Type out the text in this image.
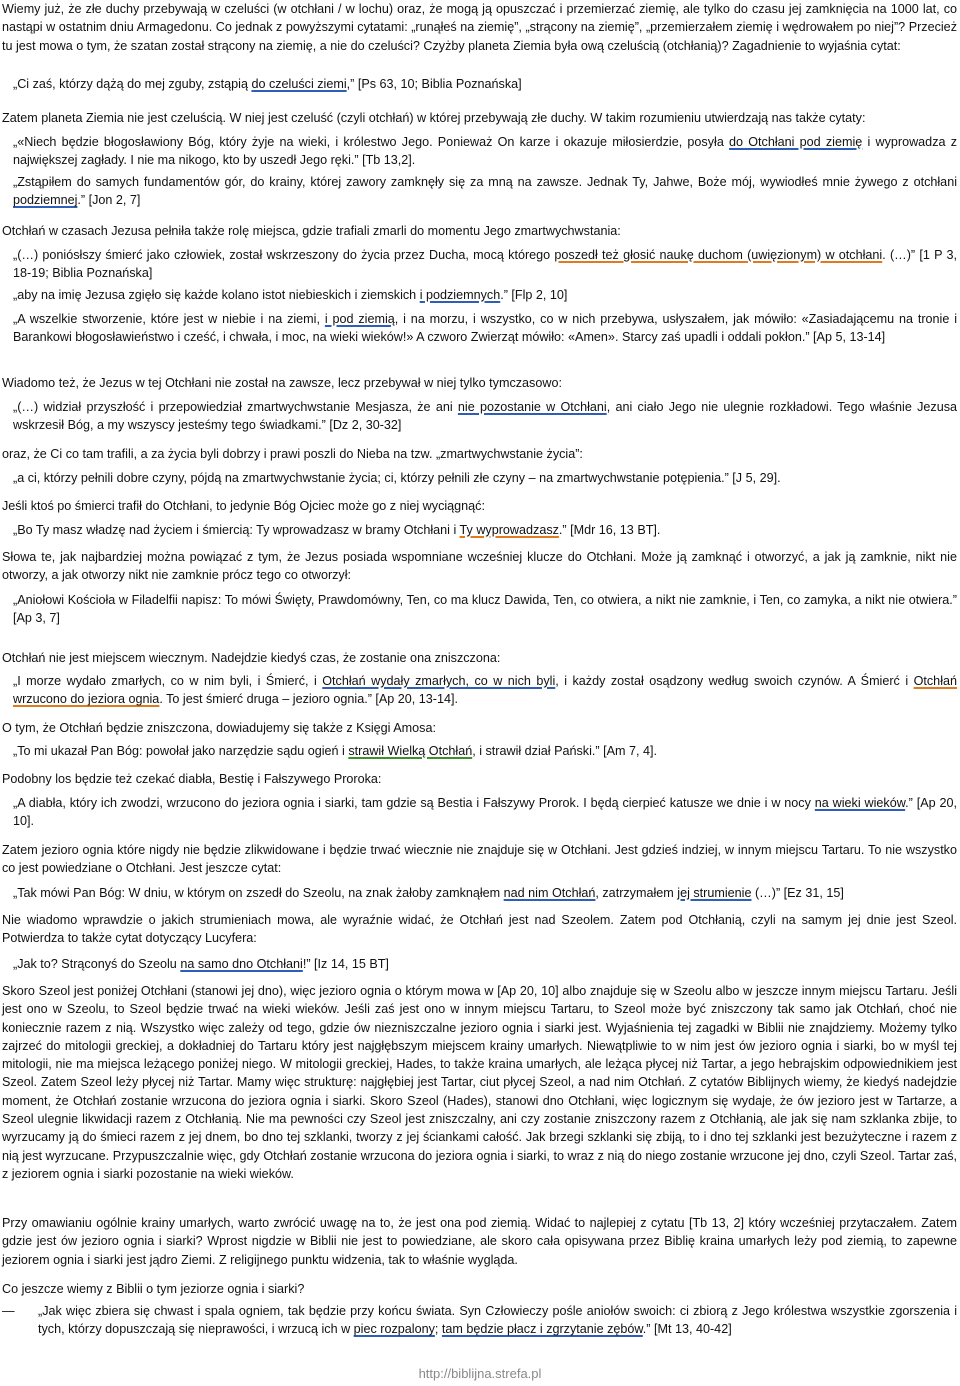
Wiemy już, że złe duchy przebywają w czeluści (w otchłani / w lochu) oraz, że mogą ją opuszczać i przemierzać ziemię, ale tylko do czasu jej zamknięcia na 1000 lat, co nastąpi w ostatnim dniu Armagedonu. Co jednak z powyższymi cytatami: „runąłeś na ziemię”, „strącony na ziemię”, „przemierzałem ziemię i wędrowałem po niej”? Przecież tu jest mowa o tym, że szatan został strącony na ziemię, a nie do czeluści? Czyżby planeta Ziemia była ową czeluścią (otchłanią)? Zagadnienie to wyjaśnia cytat:
„Ci zaś, którzy dążą do mej zguby, zstąpią do czeluści ziemi,” [Ps 63, 10; Biblia Poznańska]
Zatem planeta Ziemia nie jest czeluścią. W niej jest czeluść (czyli otchłań) w której przebywają złe duchy. W takim rozumieniu utwierdzają nas także cytaty:
„«Niech będzie błogosławiony Bóg, który żyje na wieki, i królestwo Jego. Ponieważ On karze i okazuje miłosierdzie, posyła do Otchłani pod ziemię i wyprowadza z największej zagłady. I nie ma nikogo, kto by uszedł Jego ręki.” [Tb 13,2].
„Zstąpiłem do samych fundamentów gór, do krainy, której zawory zamknęły się za mną na zawsze. Jednak Ty, Jahwe, Boże mój, wywiodłeś mnie żywego z otchłani podziemnej.” [Jon 2, 7]
Otchłań w czasach Jezusa pełniła także rolę miejsca, gdzie trafiali zmarli do momentu Jego zmartwychwstania:
„(…) poniósłszy śmierć jako człowiek, został wskrzeszony do życia przez Ducha, mocą którego poszedł też głosić naukę duchom (uwięzionym) w otchłani. (…)” [1 P 3, 18-19; Biblia Poznańska]
„aby na imię Jezusa zgięło się każde kolano istot niebieskich i ziemskich i podziemnych.” [Flp 2, 10]
„A wszelkie stworzenie, które jest w niebie i na ziemi, i pod ziemią, i na morzu, i wszystko, co w nich przebywa, usłyszałem, jak mówiło: «Zasiadającemu na tronie i Barankowi błogosławieństwo i cześć, i chwała, i moc, na wieki wieków!» A czworo Zwierząt mówiło: «Amen». Starcy zaś upadli i oddali pokłon.” [Ap 5, 13-14]
Wiadomo też, że Jezus w tej Otchłani nie został na zawsze, lecz przebywał w niej tylko tymczasowo:
„(…) widział przyszłość i przepowiedział zmartwychwstanie Mesjasza, że ani nie pozostanie w Otchłani, ani ciało Jego nie ulegnie rozkładowi. Tego właśnie Jezusa wskrzesił Bóg, a my wszyscy jesteśmy tego świadkami.” [Dz 2, 30-32]
oraz, że Ci co tam trafili, a za życia byli dobrzy i prawi poszli do Nieba na tzw. „zmartwychwstanie życia”:
„a ci, którzy pełnili dobre czyny, pójdą na zmartwychwstanie życia; ci, którzy pełnili złe czyny – na zmartwychwstanie potępienia.” [J 5, 29].
Jeśli ktoś po śmierci trafił do Otchłani, to jedynie Bóg Ojciec może go z niej wyciągnąć:
„Bo Ty masz władzę nad życiem i śmiercią: Ty wprowadzasz w bramy Otchłani i Ty wyprowadzasz.” [Mdr 16, 13 BT].
Słowa te, jak najbardziej można powiązać z tym, że Jezus posiada wspomniane wcześniej klucze do Otchłani. Może ją zamknąć i otworzyć, a jak ją zamknie, nikt nie otworzy, a jak otworzy nikt nie zamknie prócz tego co otworzył:
„Aniołowi Kościoła w Filadelfii napisz: To mówi Święty, Prawdomówny, Ten, co ma klucz Dawida, Ten, co otwiera, a nikt nie zamknie, i Ten, co zamyka, a nikt nie otwiera.” [Ap 3, 7]
Otchłań nie jest miejscem wiecznym. Nadejdzie kiedyś czas, że zostanie ona zniszczona:
„I morze wydało zmarłych, co w nim byli, i Śmierć, i Otchłań wydały zmarłych, co w nich byli, i każdy został osądzony według swoich czynów. A Śmierć i Otchłań wrzucono do jeziora ognia. To jest śmierć druga – jezioro ognia.” [Ap 20, 13-14].
O tym, że Otchłań będzie zniszczona, dowiadujemy się także z Księgi Amosa:
„To mi ukazał Pan Bóg: powołał jako narzędzie sądu ogień i strawił Wielką Otchłań, i strawił dział Pański.” [Am 7, 4].
Podobny los będzie też czekać diabła, Bestię i Fałszywego Proroka:
„A diabła, który ich zwodzi, wrzucono do jeziora ognia i siarki, tam gdzie są Bestia i Fałszywy Prorok. I będą cierpieć katusze we dnie i w nocy na wieki wieków.” [Ap 20, 10].
Zatem jezioro ognia które nigdy nie będzie zlikwidowane i będzie trwać wiecznie nie znajduje się w Otchłani. Jest gdzieś indziej, w innym miejscu Tartaru. To nie wszystko co jest powiedziane o Otchłani. Jest jeszcze cytat:
„Tak mówi Pan Bóg: W dniu, w którym on zszedł do Szeolu, na znak żałoby zamknąłem nad nim Otchłań, zatrzymałem jej strumienie (…)” [Ez 31, 15]
Nie wiadomo wprawdzie o jakich strumieniach mowa, ale wyraźnie widać, że Otchłań jest nad Szeolem. Zatem pod Otchłanią, czyli na samym jej dnie jest Szeol. Potwierdza to także cytat dotyczący Lucyfera:
„Jak to? Strąconyś do Szeolu na samo dno Otchłani!” [Iz 14, 15 BT]
Skoro Szeol jest poniżej Otchłani (stanowi jej dno), więc jezioro ognia o którym mowa w [Ap 20, 10] albo znajduje się w Szeolu albo w jeszcze innym miejscu Tartaru. Jeśli jest ono w Szeolu, to Szeol będzie trwać na wieki wieków. Jeśli zaś jest ono w innym miejscu Tartaru, to Szeol może być zniszczony tak samo jak Otchłań, choć nie koniecznie razem z nią. Wszystko więc zależy od tego, gdzie ów niezniszczalne jezioro ognia i siarki jest. Wyjaśnienia tej zagadki w Biblii nie znajdziemy. Możemy tylko zajrzeć do mitologii greckiej, a dokładniej do Tartaru który jest najgłębszym miejscem krainy umarłych. Niewątpliwie to w nim jest ów jezioro ognia i siarki, bo w myśl tej mitologii, nie ma miejsca leżącego poniżej niego. W mitologii greckiej, Hades, to także kraina umarłych, ale leżąca płycej niż Tartar, a jego hebrajskim odpowiednikiem jest Szeol. Zatem Szeol leży płycej niż Tartar. Mamy więc strukturę: najgłębiej jest Tartar, ciut płycej Szeol, a nad nim Otchłań. Z cytatów Biblijnych wiemy, że kiedyś nadejdzie moment, że Otchłań zostanie wrzucona do jeziora ognia i siarki. Skoro Szeol (Hades), stanowi dno Otchłani, więc logicznym się wydaje, że ów jezioro jest w Tartarze, a Szeol ulegnie likwidacji razem z Otchłanią. Nie ma pewności czy Szeol jest zniszczalny, ani czy zostanie zniszczony razem z Otchłanią, ale jak się nam szklanka zbije, to wyrzucamy ją do śmieci razem z jej dnem, bo dno tej szklanki, tworzy z jej ściankami całość. Jak brzegi szklanki się zbiją, to i dno tej szklanki jest bezużyteczne i razem z nią jest wyrzucane. Przypuszczalnie więc, gdy Otchłań zostanie wrzucona do jeziora ognia i siarki, to wraz z nią do niego zostanie wrzucone jej dno, czyli Szeol. Tartar zaś, z jeziorem ognia i siarki pozostanie na wieki wieków.
Przy omawianiu ogólnie krainy umarłych, warto zwrócić uwagę na to, że jest ona pod ziemią. Widać to najlepiej z cytatu [Tb 13, 2] który wcześniej przytaczałem. Zatem gdzie jest ów jezioro ognia i siarki? Wprost nigdzie w Biblii nie jest to powiedziane, ale skoro cała opisywana przez Biblię kraina umarłych leży pod ziemią, to zapewne jeziorem ognia i siarki jest jądro Ziemi. Z religijnego punktu widzenia, tak to właśnie wygląda.
Co jeszcze wiemy z Biblii o tym jeziorze ognia i siarki?
— „Jak więc zbiera się chwast i spala ogniem, tak będzie przy końcu świata. Syn Człowieczy pośle aniołów swoich: ci zbiorą z Jego królestwa wszystkie zgorszenia i tych, którzy dopuszczają się nieprawości, i wrzucą ich w piec rozpalony; tam będzie płacz i zgrzytanie zębów.” [Mt 13, 40-42]
http://biblijna.strefa.pl
